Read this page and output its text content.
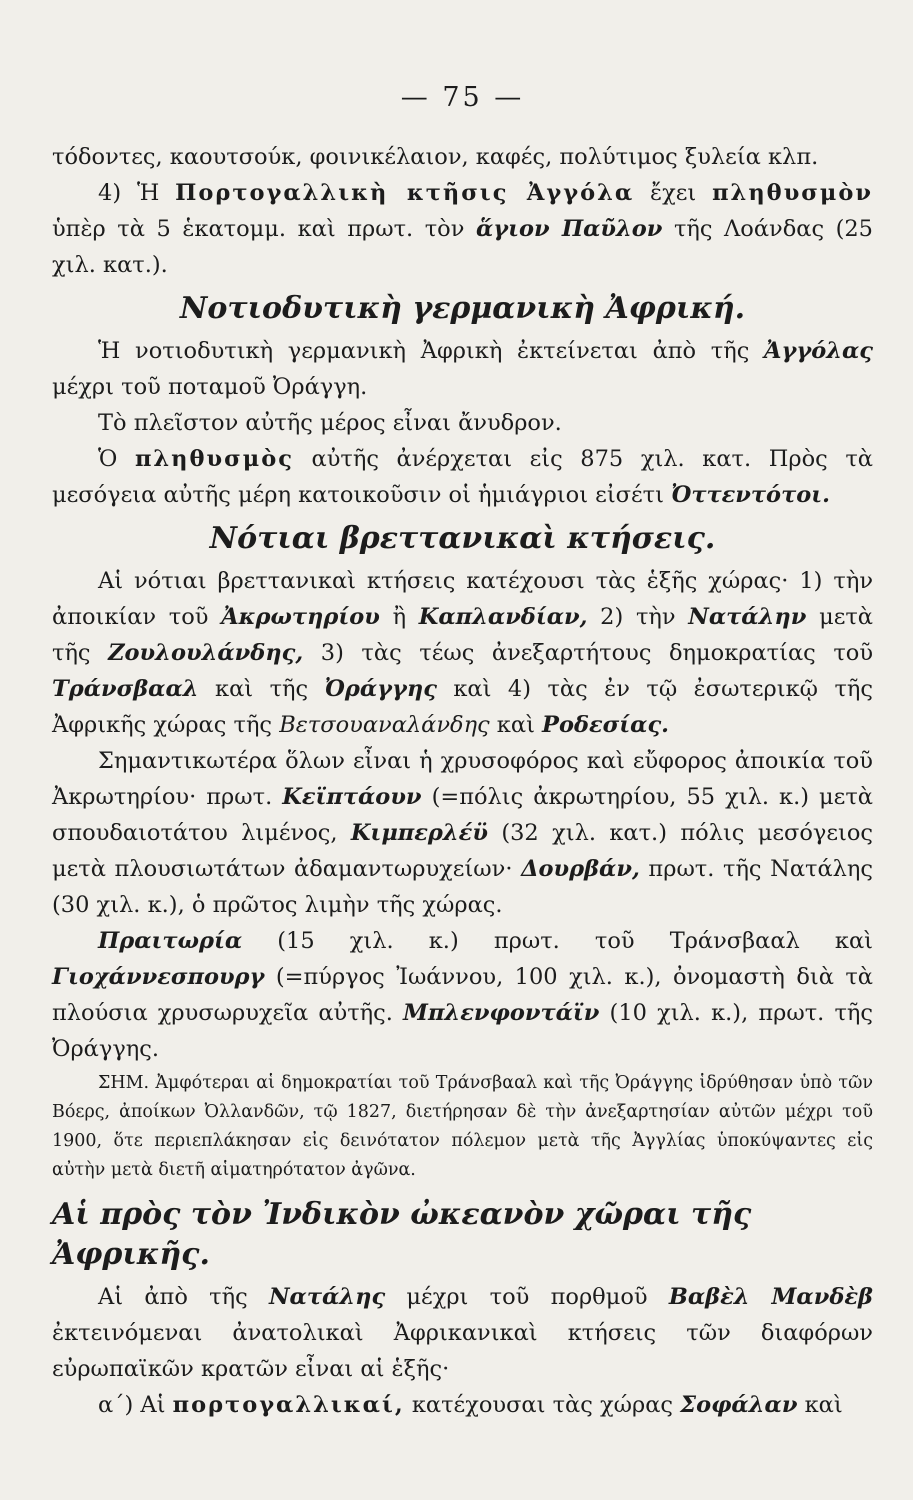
— 75 —

τόδοντες, καουτσούκ, φοινικέλαιον, καφές, πολύτιμος ξυλεία κλπ.

4) Ἡ Πορτογαλλικὴ κτῆσις Ἀγγόλα ἔχει πληθυσμὸν ὑπὲρ τὰ 5 ἑκατομμ. καὶ πρωτ. τὸν ἅγιον Παῦλον τῆς Λοάνδας (25 χιλ. κατ.).

Νοτιοδυτικὴ γερμανικὴ Ἀφρική.

Ἡ νοτιοδυτικὴ γερμανικὴ Ἀφρικὴ ἐκτείνεται ἀπὸ τῆς Ἀγγόλας μέχρι τοῦ ποταμοῦ Ὀράγγη.

Τὸ πλεῖστον αὐτῆς μέρος εἶναι ἄνυδρον.

Ὁ πληθυσμὸς αὐτῆς ἀνέρχεται εἰς 875 χιλ. κατ. Πρὸς τὰ μεσόγεια αὐτῆς μέρη κατοικοῦσιν οἱ ἡμιάγριοι εἰσέτι Ὀττεντότοι.

Νότιαι βρεττανικαὶ κτήσεις.

Αἱ νότιαι βρεττανικαὶ κτήσεις κατέχουσι τὰς ἑξῆς χώρας· 1) τὴν ἀποικίαν τοῦ Ἀκρωτηρίου ἢ Καπλανδίαν, 2) τὴν Νατάλην μετὰ τῆς Ζουλουλάνδης, 3) τὰς τέως ἀνεξαρτήτους δημοκρατίας τοῦ Τράνσβααλ καὶ τῆς Ὀράγγης καὶ 4) τὰς ἐν τῷ ἐσωτερικῷ τῆς Ἀφρικῆς χώρας τῆς Βετσουαναλάνδης καὶ Ροδεσίας.

Σημαντικωτέρα ὅλων εἶναι ἡ χρυσοφόρος καὶ εὔφορος ἀποικία τοῦ Ἀκρωτηρίου· πρωτ. Κεϊπτάουν (=πόλις ἀκρωτηρίου, 55 χιλ. κ.) μετὰ σπουδαιοτάτου λιμένος, Κιμπερλέϋ (32 χιλ. κατ.) πόλις μεσόγειος μετὰ πλουσιωτάτων ἀδαμαντωρυχείων· Δουρβάν, πρωτ. τῆς Νατάλης (30 χιλ. κ.), ὁ πρῶτος λιμὴν τῆς χώρας.

Πραιτωρία (15 χιλ. κ.) πρωτ. τοῦ Τράνσβααλ καὶ Γιοχάννεσπουργ (=πύργος Ἰωάννου, 100 χιλ. κ.), ὀνομαστὴ διὰ τὰ πλούσια χρυσωρυχεῖα αὐτῆς. Μπλενφοντάϊν (10 χιλ. κ.), πρωτ. τῆς Ὀράγγης.

ΣΗΜ. Ἀμφότεραι αἱ δημοκρατίαι τοῦ Τράνσβααλ καὶ τῆς Ὀράγγης ἱδρύθησαν ὑπὸ τῶν Βόερς, ἀποίκων Ὀλλανδῶν, τῷ 1827, διετήρησαν δὲ τὴν ἀνεξαρτησίαν αὐτῶν μέχρι τοῦ 1900, ὅτε περιεπλάκησαν εἰς δεινότατον πόλεμον μετὰ τῆς Ἀγγλίας ὑποκύψαντες εἰς αὐτὴν μετὰ διετῆ αἱματηρότατον ἀγῶνα.

Αἱ πρὸς τὸν Ἰνδικὸν ὠκεανὸν χῶραι τῆς Ἀφρικῆς.

Αἱ ἀπὸ τῆς Νατάλης μέχρι τοῦ πορθμοῦ Βαβὲλ Μανδὲβ ἐκτεινόμεναι ἀνατολικαὶ Ἀφρικανικαὶ κτήσεις τῶν διαφόρων εὐρωπαϊκῶν κρατῶν εἶναι αἱ ἑξῆς·

α΄) Αἱ πορτογαλλικαί, κατέχουσαι τὰς χώρας Σοφάλαν καὶ
